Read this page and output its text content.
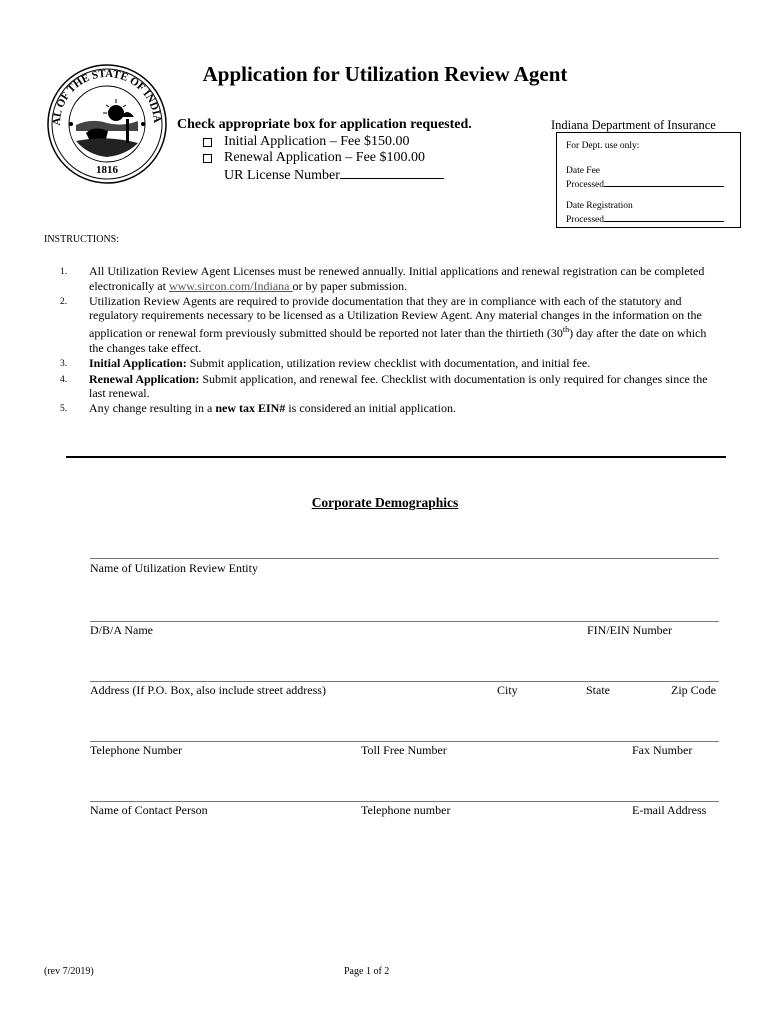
AL OF THE STATE OF INDIA
1816
Application for Utilization Review Agent
Check appropriate box for application requested.
Initial Application – Fee $150.00
Renewal Application – Fee $100.00
UR License Number
Indiana Department of Insurance
For Dept. use only:
Date Fee
Processed
Date Registration
Processed
INSTRUCTIONS:
1.	All Utilization Review Agent Licenses must be renewed annually. Initial applications and renewal registration can be completed electronically at www.sircon.com/Indiana or by paper submission.
2.	Utilization Review Agents are required to provide documentation that they are in compliance with each of the statutory and regulatory requirements necessary to be licensed as a Utilization Review Agent. Any material changes in the information on the application or renewal form previously submitted should be reported not later than the thirtieth (30th) day after the date on which the changes take effect.
3.	Initial Application: Submit application, utilization review checklist with documentation, and initial fee.
4.	Renewal Application: Submit application, and renewal fee. Checklist with documentation is only required for changes since the last renewal.
5.	Any change resulting in a new tax EIN# is considered an initial application.
Corporate Demographics
Name of Utilization Review Entity
D/B/A Name	FIN/EIN Number
Address (If P.O. Box, also include street address)	City	State	Zip Code
Telephone Number	Toll Free Number	Fax Number
Name of Contact Person	Telephone number	E-mail Address
(rev 7/2019)	Page 1 of 2
